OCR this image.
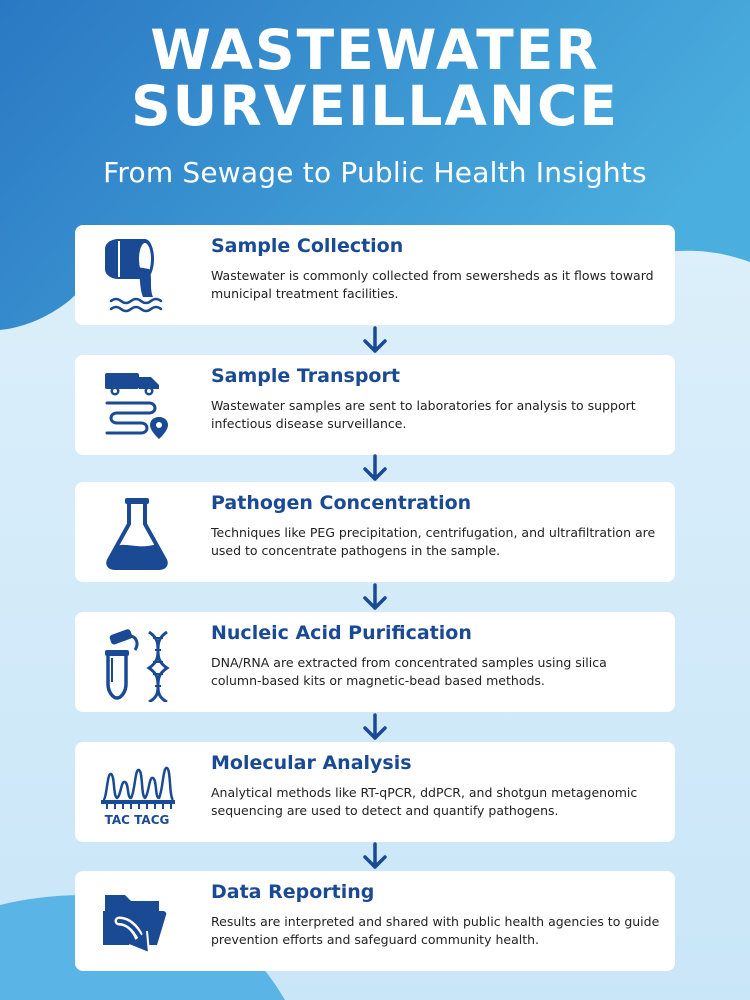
WASTEWATER
SURVEILLANCE
From Sewage to Public Health Insights
Sample Collection

Wastewater is commonly collected from sewersheds as it flows toward municipal treatment facilities.

Sample Transport

Wastewater samples are sent to laboratories for analysis to support infectious disease surveillance.

Pathogen Concentration

Techniques like PEG precipitation, centrifugation, and ultrafiltration are used to concentrate pathogens in the sample.

Nucleic Acid Purification

DNA/RNA are extracted from concentrated samples using silica column-based kits or magnetic-bead based methods.

TAC TACG
Molecular Analysis

Analytical methods like RT-qPCR, ddPCR, and shotgun metagenomic sequencing are used to detect and quantify pathogens.

Data Reporting

Results are interpreted and shared with public health agencies to guide prevention efforts and safeguard community health.
